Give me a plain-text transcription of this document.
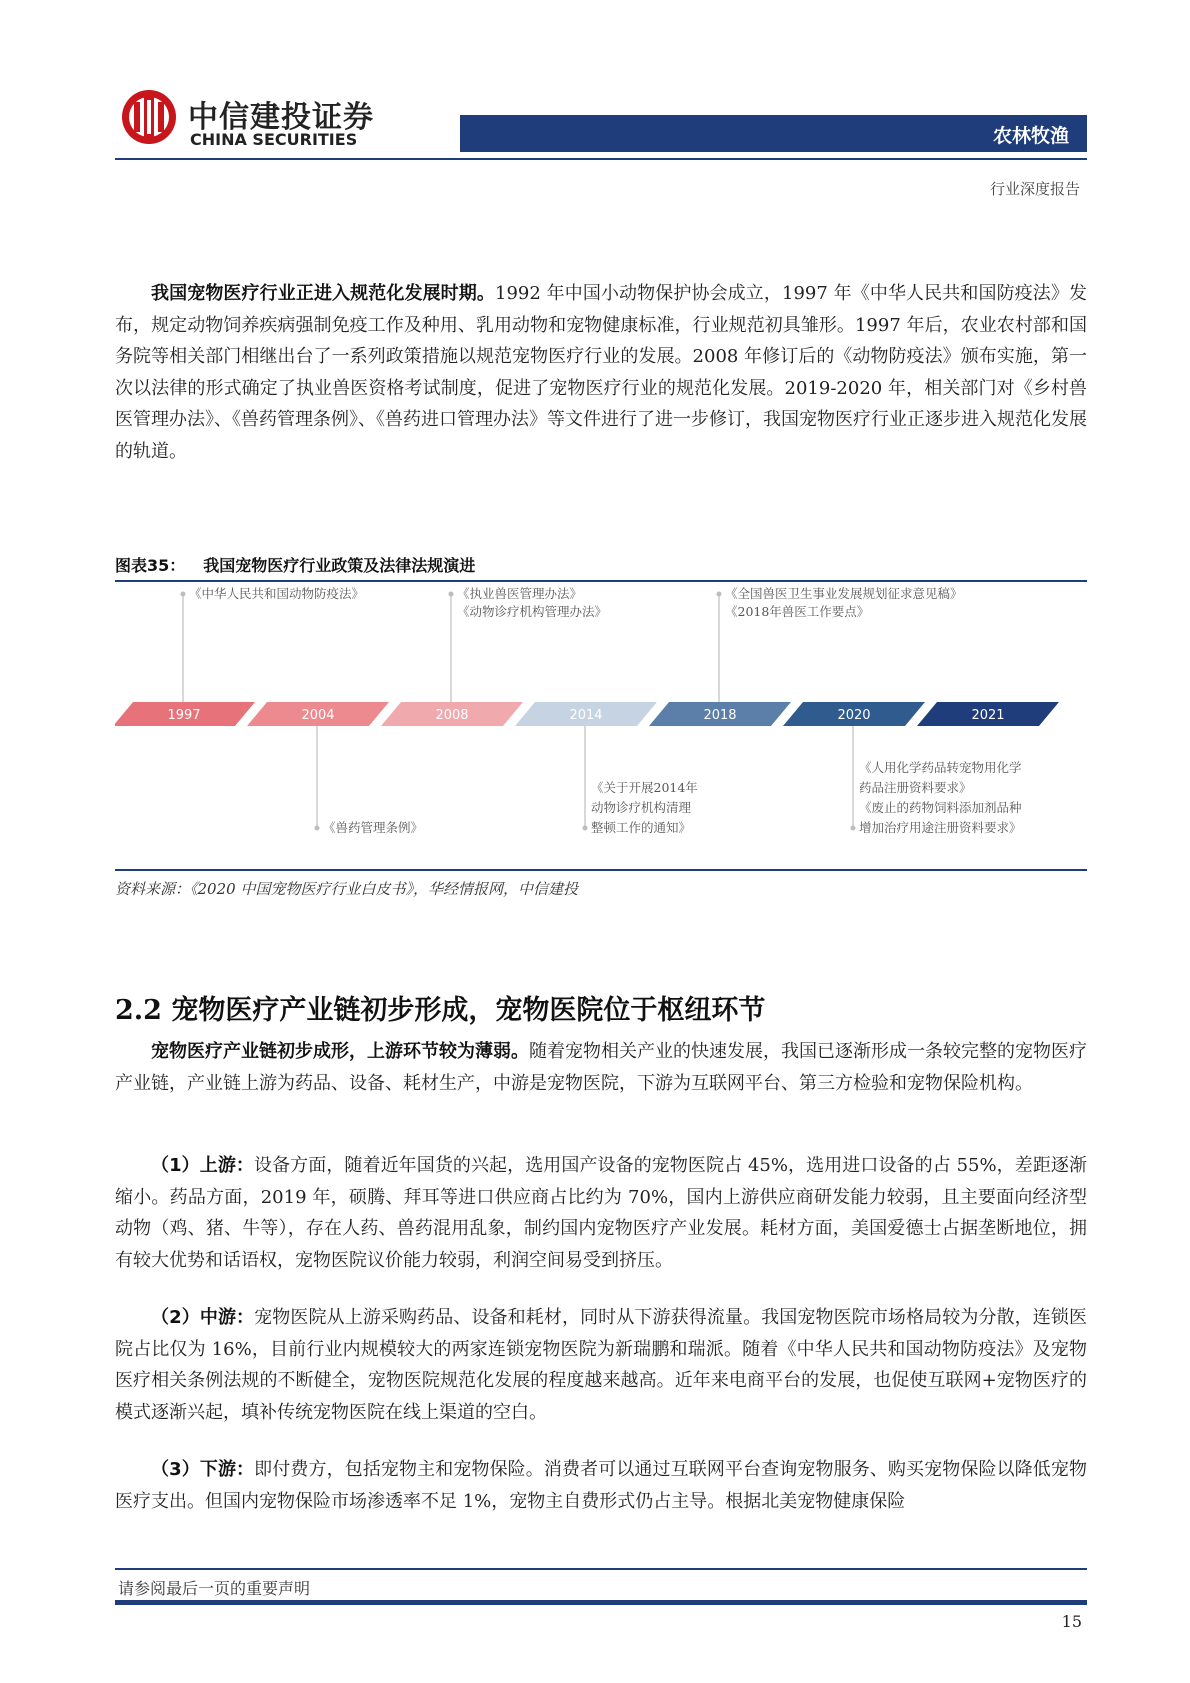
中信建投证券
CHINA SECURITIES	农林牧渔
行业深度报告

我国宠物医疗行业正进入规范化发展时期。1992 年中国小动物保护协会成立，1997 年《中华人民共和国防疫法》发布，规定动物饲养疾病强制免疫工作及种用、乳用动物和宠物健康标准，行业规范初具雏形。1997 年后，农业农村部和国务院等相关部门相继出台了一系列政策措施以规范宠物医疗行业的发展。2008 年修订后的《动物防疫法》颁布实施，第一次以法律的形式确定了执业兽医资格考试制度，促进了宠物医疗行业的规范化发展。2019-2020 年，相关部门对《乡村兽医管理办法》、《兽药管理条例》、《兽药进口管理办法》等文件进行了进一步修订，我国宠物医疗行业正逐步进入规范化发展的轨道。

图表35： 我国宠物医疗行业政策及法律法规演进
1997	2004	2008	2014	2018	2020	2021
《中华人民共和国动物防疫法》
《兽药管理条例》
《执业兽医管理办法》
《动物诊疗机构管理办法》
《关于开展2014年
动物诊疗机构清理
整顿工作的通知》
《全国兽医卫生事业发展规划征求意见稿》
《2018年兽医工作要点》
《人用化学药品转宠物用化学
药品注册资料要求》
《废止的药物饲料添加剂品种
增加治疗用途注册资料要求》
资料来源：《2020 中国宠物医疗行业白皮书》，华经情报网，中信建投
2.2 宠物医疗产业链初步形成，宠物医院位于枢纽环节

宠物医疗产业链初步成形，上游环节较为薄弱。随着宠物相关产业的快速发展，我国已逐渐形成一条较完整的宠物医疗产业链，产业链上游为药品、设备、耗材生产，中游是宠物医院，下游为互联网平台、第三方检验和宠物保险机构。

（1）上游：设备方面，随着近年国货的兴起，选用国产设备的宠物医院占 45%，选用进口设备的占 55%，差距逐渐缩小。药品方面，2019 年，硕腾、拜耳等进口供应商占比约为 70%，国内上游供应商研发能力较弱，且主要面向经济型动物（鸡、猪、牛等），存在人药、兽药混用乱象，制约国内宠物医疗产业发展。耗材方面，美国爱德士占据垄断地位，拥有较大优势和话语权，宠物医院议价能力较弱，利润空间易受到挤压。

（2）中游：宠物医院从上游采购药品、设备和耗材，同时从下游获得流量。我国宠物医院市场格局较为分散，连锁医院占比仅为 16%，目前行业内规模较大的两家连锁宠物医院为新瑞鹏和瑞派。随着《中华人民共和国动物防疫法》及宠物医疗相关条例法规的不断健全，宠物医院规范化发展的程度越来越高。近年来电商平台的发展，也促使互联网+宠物医疗的模式逐渐兴起，填补传统宠物医院在线上渠道的空白。

（3）下游：即付费方，包括宠物主和宠物保险。消费者可以通过互联网平台查询宠物服务、购买宠物保险以降低宠物医疗支出。但国内宠物保险市场渗透率不足 1%，宠物主自费形式仍占主导。根据北美宠物健康保险

请参阅最后一页的重要声明
15
